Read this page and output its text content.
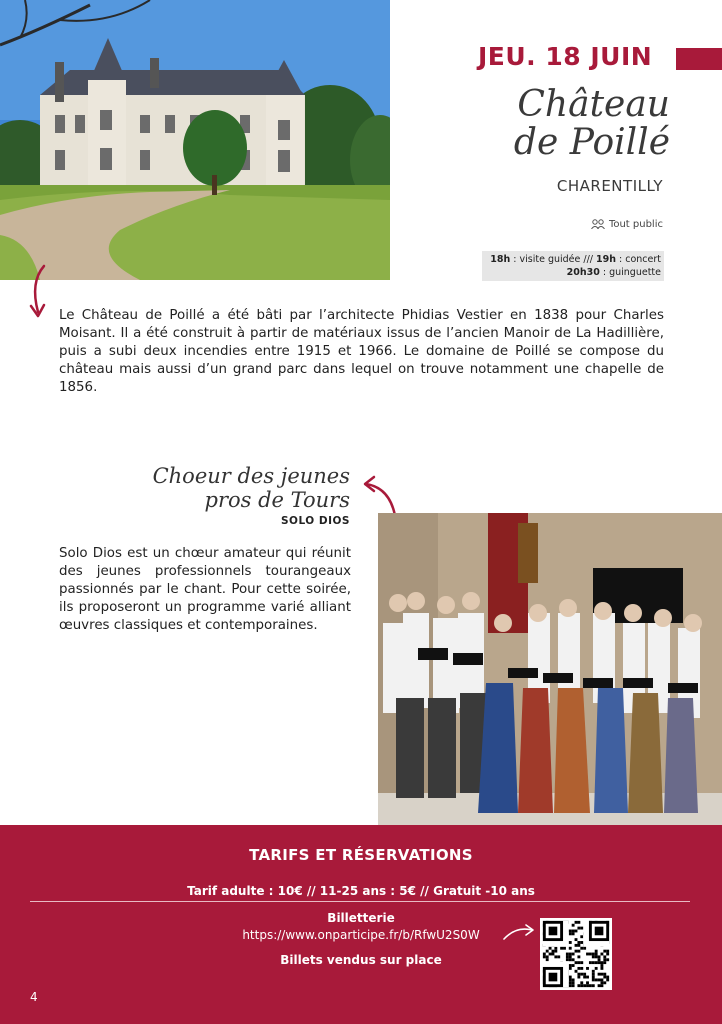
JEU. 18 JUIN
Château
de Poillé
CHARENTILLY
Tout public
18h : visite guidée /// 19h : concert
20h30 : guinguette
Le Château de Poillé a été bâti par l’architecte Phidias Vestier en 1838 pour Charles Moisant. Il a été construit à partir de matériaux issus de l’ancien Manoir de La Hadillière, puis a subi deux incendies entre 1915 et 1966. Le domaine de Poillé se compose du château mais aussi d’un grand parc dans lequel on trouve notamment une chapelle de 1856.
Choeur des jeunes
pros de Tours
SOLO DIOS
Solo Dios est un chœur amateur qui réunit des jeunes professionnels tourangeaux passionnés par le chant. Pour cette soirée, ils proposeront un programme varié alliant œuvres classiques et contemporaines.
TARIFS ET RÉSERVATIONS
Tarif adulte : 10€ // 11-25 ans : 5€ // Gratuit -10 ans
Billetterie
https://www.onparticipe.fr/b/RfwU2S0W
Billets vendus sur place
4
